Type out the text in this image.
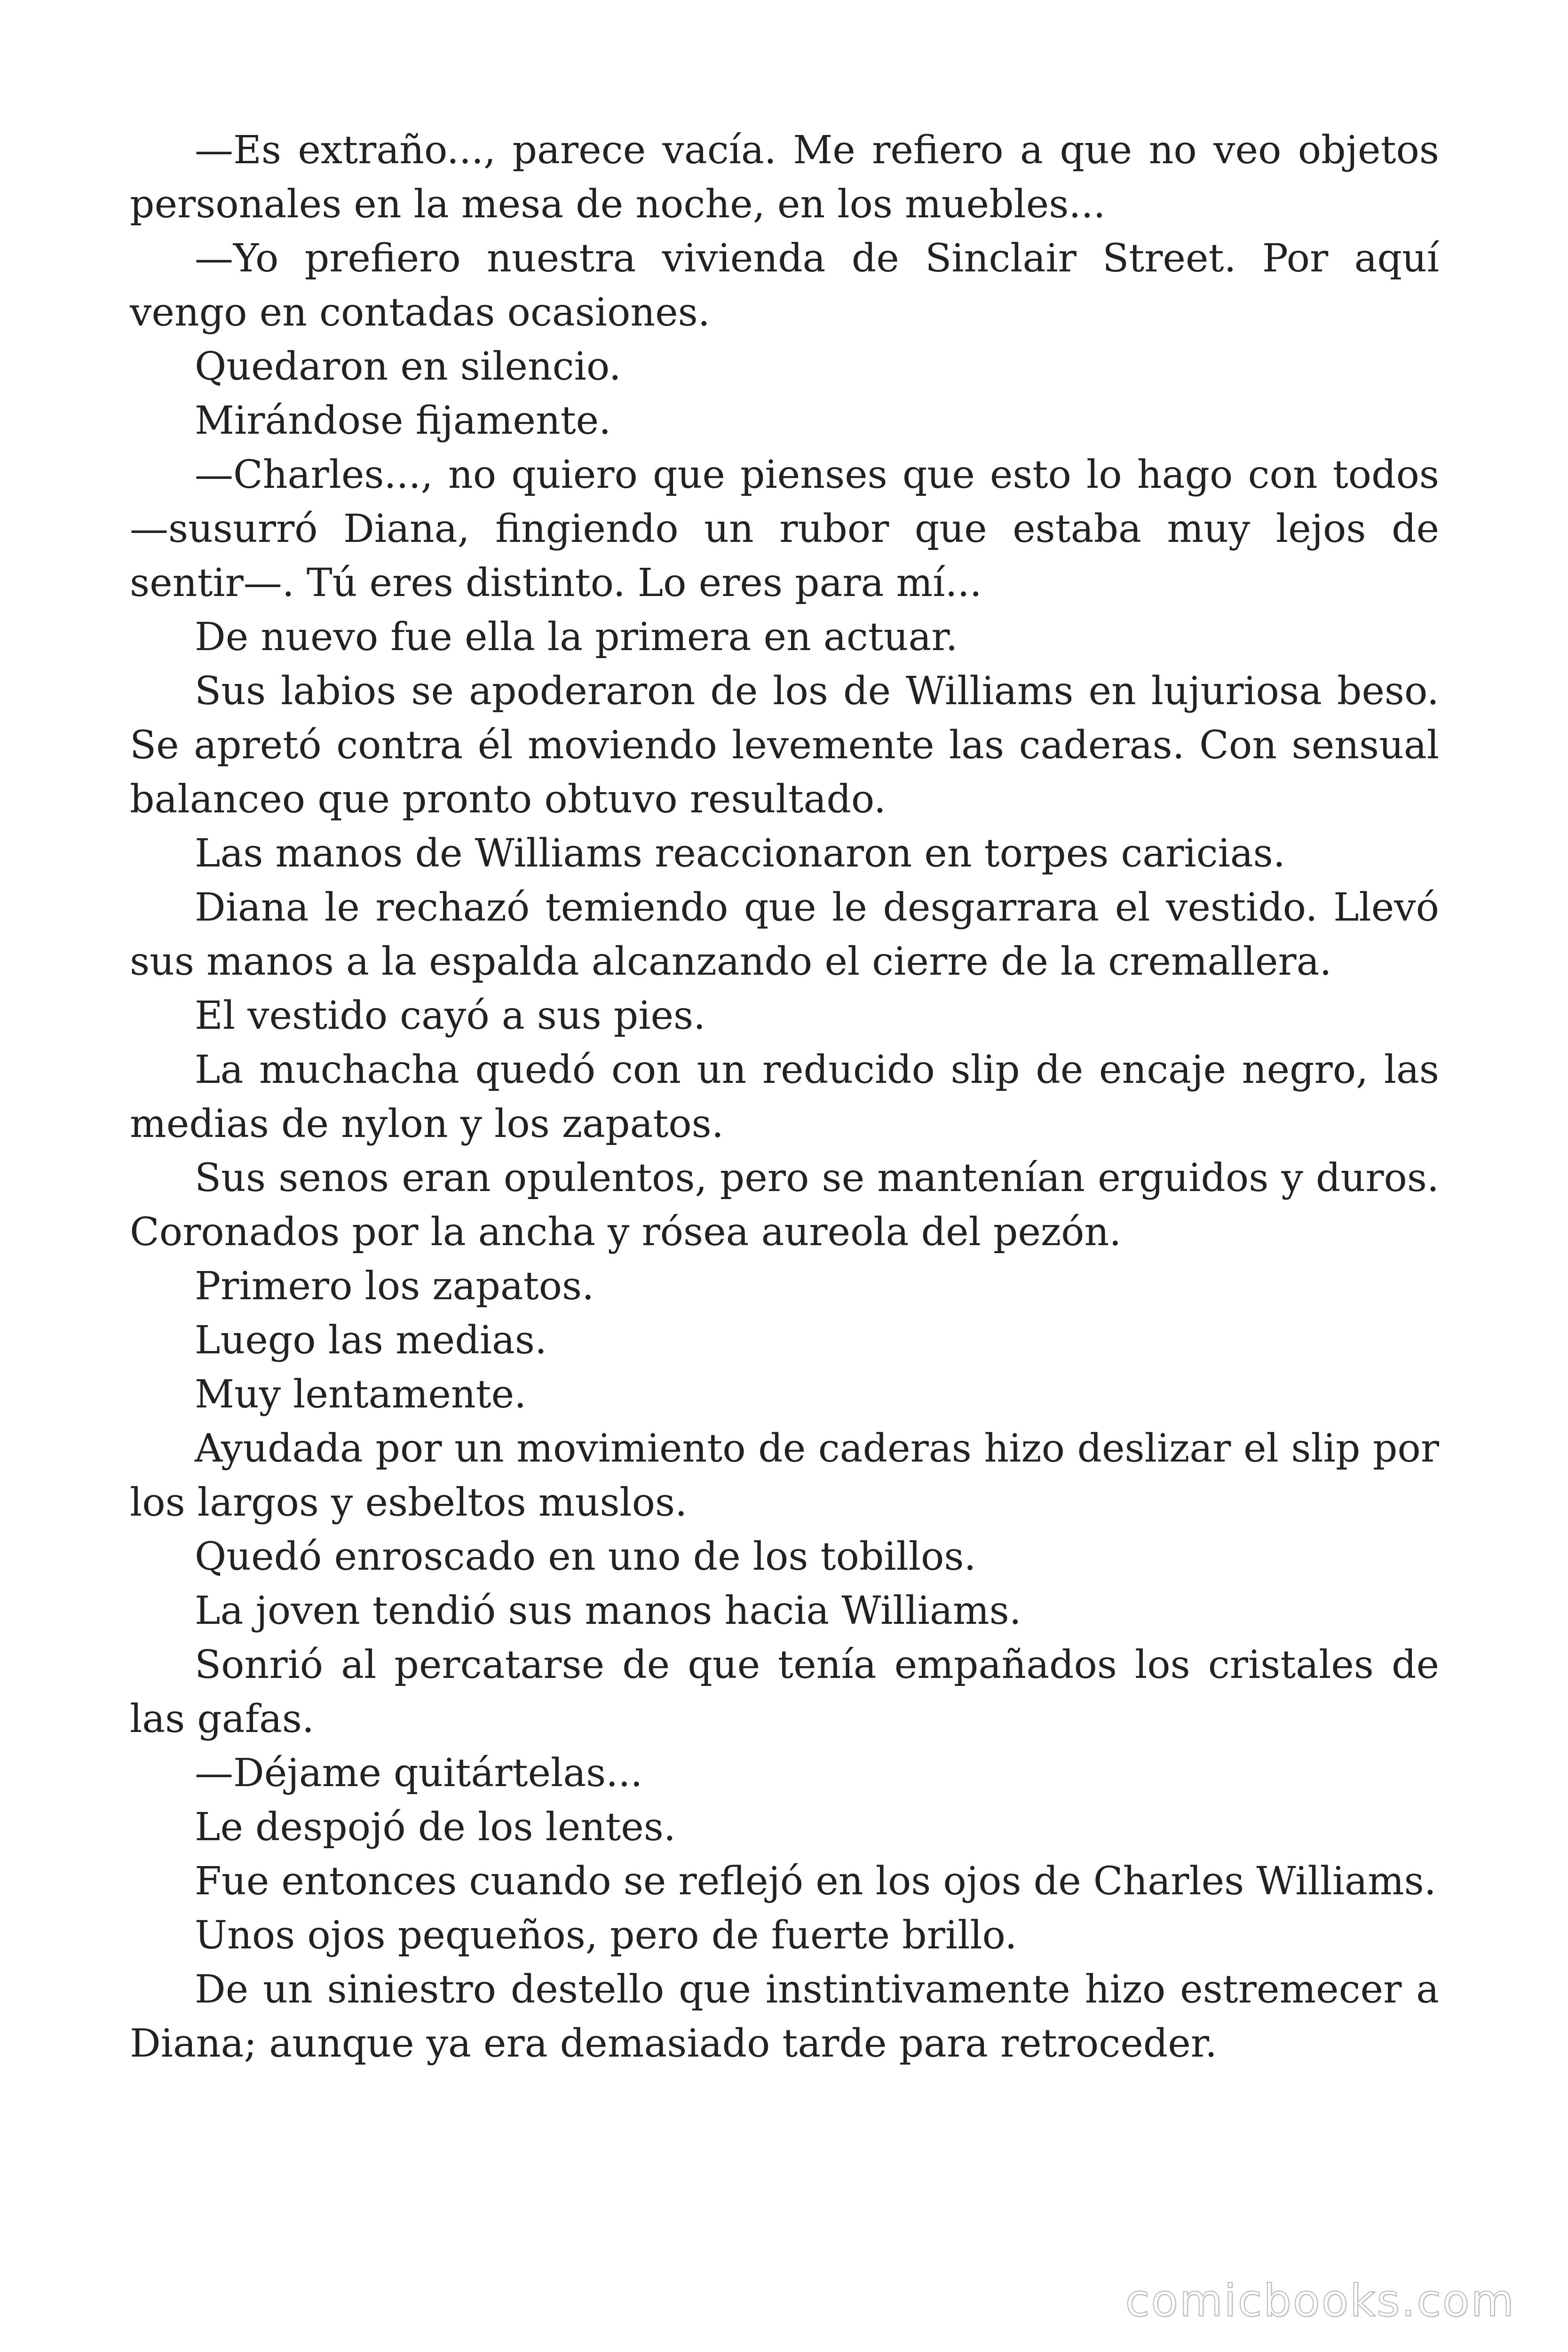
—Es extraño..., parece vacía. Me refiero a que no veo objetos personales en la mesa de noche, en los muebles...

—Yo prefiero nuestra vivienda de Sinclair Street. Por aquí vengo en contadas ocasiones.

Quedaron en silencio.

Mirándose fijamente.

—Charles..., no quiero que pienses que esto lo hago con todos —susurró Diana, fingiendo un rubor que estaba muy lejos de sentir—. Tú eres distinto. Lo eres para mí...

De nuevo fue ella la primera en actuar.

Sus labios se apoderaron de los de Williams en lujuriosa beso. Se apretó contra él moviendo levemente las caderas. Con sensual balanceo que pronto obtuvo resultado.

Las manos de Williams reaccionaron en torpes caricias.

Diana le rechazó temiendo que le desgarrara el vestido. Llevó sus manos a la espalda alcanzando el cierre de la cremallera.

El vestido cayó a sus pies.

La muchacha quedó con un reducido slip de encaje negro, las medias de nylon y los zapatos.

Sus senos eran opulentos, pero se mantenían erguidos y duros. Coronados por la ancha y rósea aureola del pezón.

Primero los zapatos.

Luego las medias.

Muy lentamente.

Ayudada por un movimiento de caderas hizo deslizar el slip por los largos y esbeltos muslos.

Quedó enroscado en uno de los tobillos.

La joven tendió sus manos hacia Williams.

Sonrió al percatarse de que tenía empañados los cristales de las gafas.

—Déjame quitártelas...

Le despojó de los lentes.

Fue entonces cuando se reflejó en los ojos de Charles Williams.

Unos ojos pequeños, pero de fuerte brillo.

De un siniestro destello que instintivamente hizo estremecer a Diana; aunque ya era demasiado tarde para retroceder.

comicbooks.com
